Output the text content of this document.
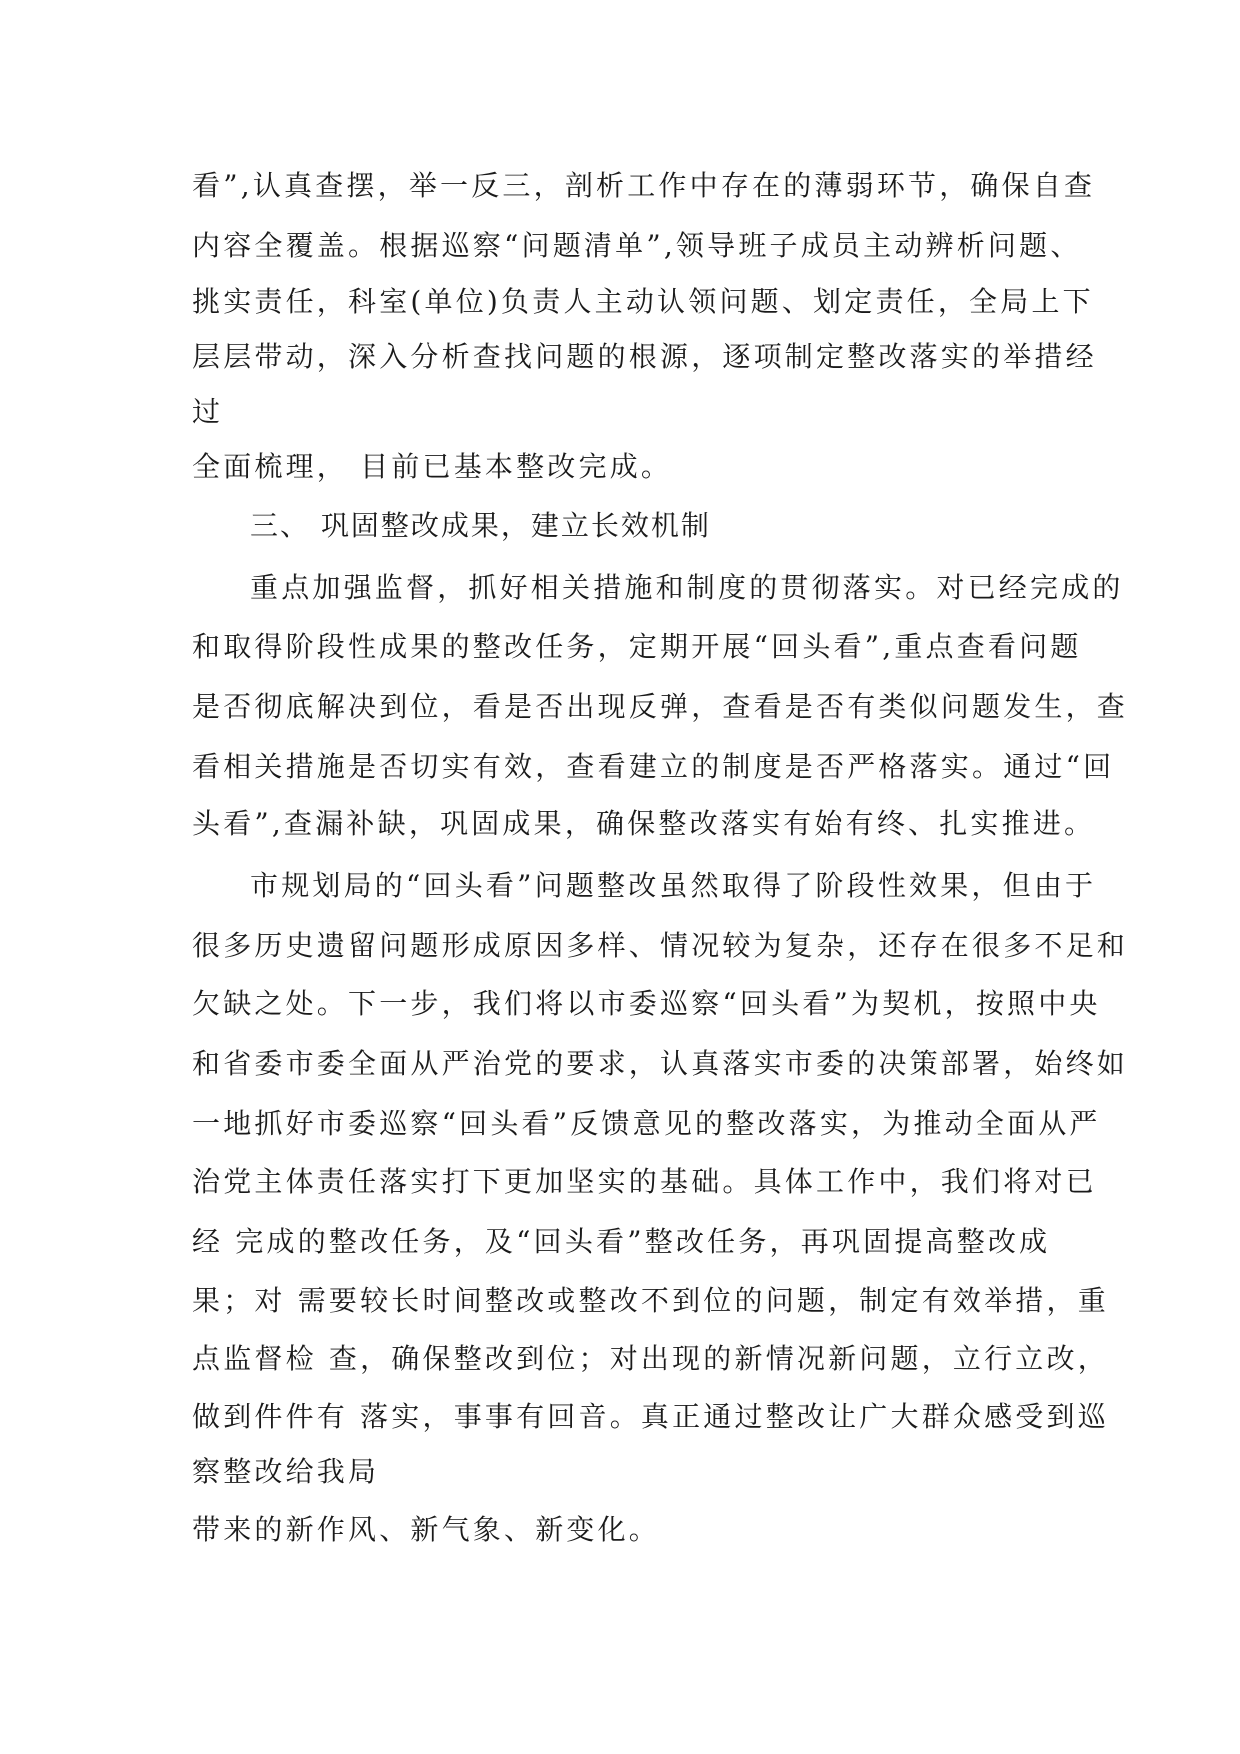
看”,认真查摆，举一反三，剖析工作中存在的薄弱环节，确保自查
内容全覆盖。根据巡察“问题清单”,领导班子成员主动辨析问题、
挑实责任，科室(单位)负责人主动认领问题、划定责任，全局上下
层层带动，深入分析查找问题的根源，逐项制定整改落实的举措经
过
全面梳理， 目前已基本整改完成。
三、 巩固整改成果，建立长效机制
重点加强监督，抓好相关措施和制度的贯彻落实。对已经完成的
和取得阶段性成果的整改任务，定期开展“回头看”,重点查看问题
是否彻底解决到位，看是否出现反弹，查看是否有类似问题发生，查
看相关措施是否切实有效，查看建立的制度是否严格落实。通过“回
头看”,查漏补缺，巩固成果，确保整改落实有始有终、扎实推进。
市规划局的“回头看”问题整改虽然取得了阶段性效果，但由于
很多历史遗留问题形成原因多样、情况较为复杂，还存在很多不足和
欠缺之处。下一步，我们将以市委巡察“回头看”为契机，按照中央
和省委市委全面从严治党的要求，认真落实市委的决策部署，始终如
一地抓好市委巡察“回头看”反馈意见的整改落实，为推动全面从严
治党主体责任落实打下更加坚实的基础。具体工作中，我们将对已
经 完成的整改任务，及“回头看”整改任务，再巩固提高整改成
果；对 需要较长时间整改或整改不到位的问题，制定有效举措，重
点监督检 查，确保整改到位；对出现的新情况新问题，立行立改，
做到件件有 落实，事事有回音。真正通过整改让广大群众感受到巡
察整改给我局
带来的新作风、新气象、新变化。
